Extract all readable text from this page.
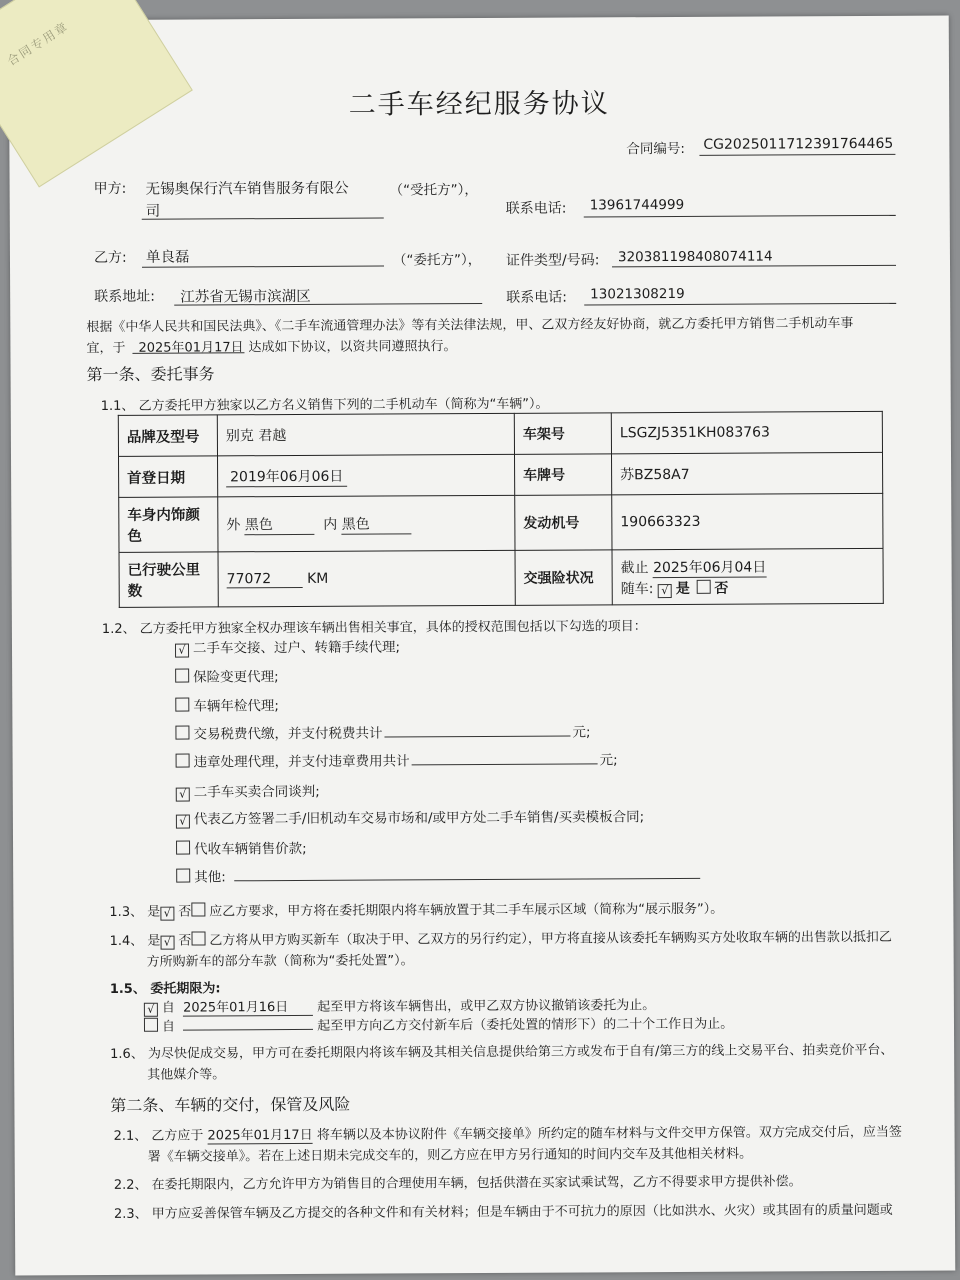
合同专用章
二手车经纪服务协议
合同编号: CG2025011712391764465
甲方: 无锡奥保行汽车销售服务有限公
司
（“受托方”），
联系电话: 13961744999
乙方: 单良磊	（“委托方”）， 证件类型/号码: 320381198408074114
联系地址: 江苏省无锡市滨湖区	联系电话: 13021308219
根据《中华人民共和国民法典》、《二手车流通管理办法》等有关法律法规，甲、乙双方经友好协商，就乙方委托甲方销售二手机动车事
宜，于 2025年01月17日 达成如下协议，以资共同遵照执行。
第一条、委托事务
1.1、 乙方委托甲方独家以乙方名义销售下列的二手机动车（简称为“车辆”）。
品牌及型号	别克 君越	车架号	LSGZJ5351KH083763
首登日期	2019年06月06日	车牌号	苏BZ58A7
车身内饰颜色	外 黑色 内 黑色	发动机号	190663323
已行驶公里数	77072 KM	交强险状况	截止 2025年06月04日
随车: √ 是 否
1.2、 乙方委托甲方独家全权办理该车辆出售相关事宜，具体的授权范围包括以下勾选的项目：
√ 二手车交接、过户、转籍手续代理;
保险变更代理;
车辆年检代理;
交易税费代缴，并支付税费共计	元;
违章处理代理，并支付违章费用共计	元;
√ 二手车买卖合同谈判;
√ 代表乙方签署二手/旧机动车交易市场和/或甲方处二手车销售/买卖模板合同;
代收车辆销售价款;
其他:
1.3、 是 √ 否 应乙方要求，甲方将在委托期限内将车辆放置于其二手车展示区域（简称为“展示服务”）。
1.4、 是 √ 否 乙方将从甲方购买新车（取决于甲、乙双方的另行约定），甲方将直接从该委托车辆购买方处收取车辆的出售款以抵扣乙
方所购新车的部分车款（简称为“委托处置”）。
1.5、 委托期限为:
√ 自 2025年01月16日 起至甲方将该车辆售出，或甲乙双方协议撤销该委托为止。
自	起至甲方向乙方交付新车后（委托处置的情形下）的二十个工作日为止。
1.6、 为尽快促成交易，甲方可在委托期限内将该车辆及其相关信息提供给第三方或发布于自有/第三方的线上交易平台、拍卖竞价平台、
其他媒介等。
第二条、车辆的交付，保管及风险
2.1、 乙方应于 2025年01月17日 将车辆以及本协议附件《车辆交接单》所约定的随车材料与文件交甲方保管。双方完成交付后，应当签
署《车辆交接单》。若在上述日期未完成交车的，则乙方应在甲方另行通知的时间内交车及其他相关材料。
2.2、 在委托期限内，乙方允许甲方为销售目的合理使用车辆，包括供潜在买家试乘试驾，乙方不得要求甲方提供补偿。
2.3、 甲方应妥善保管车辆及乙方提交的各种文件和有关材料；但是车辆由于不可抗力的原因（比如洪水、火灾）或其固有的质量问题或
